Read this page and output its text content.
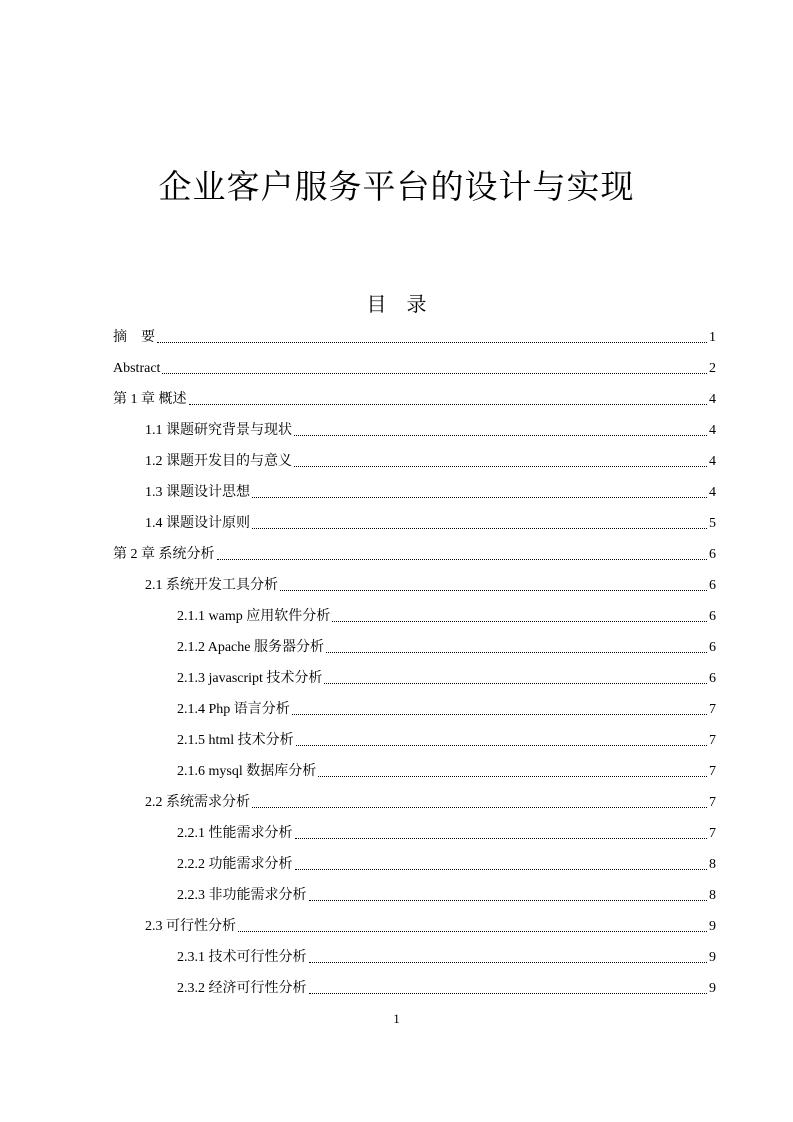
企业客户服务平台的设计与实现
目　录
摘　要	1
Abstract	2
第 1 章 概述	4
1.1 课题研究背景与现状	4
1.2 课题开发目的与意义	4
1.3 课题设计思想	4
1.4 课题设计原则	5
第 2 章 系统分析	6
2.1 系统开发工具分析	6
2.1.1 wamp 应用软件分析	6
2.1.2 Apache 服务器分析	6
2.1.3 javascript 技术分析	6
2.1.4 Php 语言分析	7
2.1.5 html 技术分析	7
2.1.6 mysql 数据库分析	7
2.2 系统需求分析	7
2.2.1 性能需求分析	7
2.2.2 功能需求分析	8
2.2.3 非功能需求分析	8
2.3 可行性分析	9
2.3.1 技术可行性分析	9
2.3.2 经济可行性分析	9
1
